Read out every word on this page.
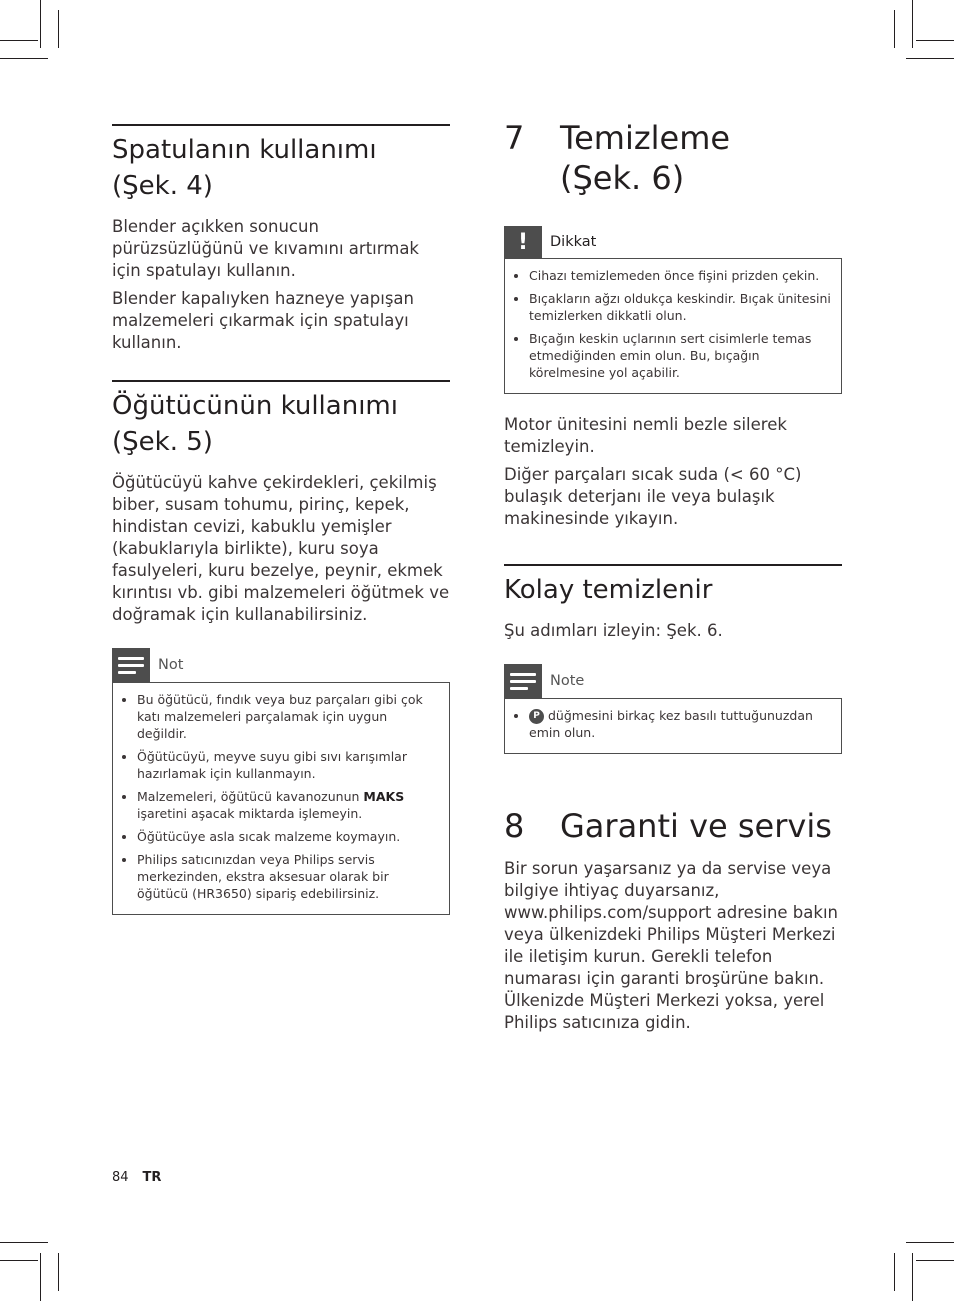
Spatulanın kullanımı
(Şek. 4)

Blender açıkken sonucun pürüzsüzlüğünü ve kıvamını artırmak için spatulayı kullanın.

Blender kapalıyken hazneye yapışan malzemeleri çıkarmak için spatulayı kullanın.

Öğütücünün kullanımı
(Şek. 5)

Öğütücüyü kahve çekirdekleri, çekilmiş biber, susam tohumu, pirinç, kepek, hindistan cevizi, kabuklu yemişler (kabuklarıyla birlikte), kuru soya fasulyeleri, kuru bezelye, peynir, ekmek kırıntısı vb. gibi malzemeleri öğütmek ve doğramak için kullanabilirsiniz.

Not
• Bu öğütücü, fındık veya buz parçaları gibi çok katı malzemeleri parçalamak için uygun değildir.
• Öğütücüyü, meyve suyu gibi sıvı karışımlar hazırlamak için kullanmayın.
• Malzemeleri, öğütücü kavanozunun MAKS işaretini aşacak miktarda işlemeyin.
• Öğütücüye asla sıcak malzeme koymayın.
• Philips satıcınızdan veya Philips servis merkezinden, ekstra aksesuar olarak bir öğütücü (HR3650) sipariş edebilirsiniz.
7	Temizleme
(Şek. 6)
!	Dikkat
• Cihazı temizlemeden önce fişini prizden çekin.
• Bıçakların ağzı oldukça keskindir. Bıçak ünitesini temizlerken dikkatli olun.
• Bıçağın keskin uçlarının sert cisimlerle temas etmediğinden emin olun. Bu, bıçağın körelmesine yol açabilir.

Motor ünitesini nemli bezle silerek temizleyin.

Diğer parçaları sıcak suda (< 60 °C) bulaşık deterjanı ile veya bulaşık makinesinde yıkayın.

Kolay temizlenir

Şu adımları izleyin: Şek. 6.

Note
• P düğmesini birkaç kez basılı tuttuğunuzdan emin olun.
8	Garanti ve servis

Bir sorun yaşarsanız ya da servise veya bilgiye ihtiyaç duyarsanız, www.philips.com/support adresine bakın veya ülkenizdeki Philips Müşteri Merkezi ile iletişim kurun. Gerekli telefon numarası için garanti broşürüne bakın. Ülkenizde Müşteri Merkezi yoksa, yerel Philips satıcınıza gidin.

84 TR
